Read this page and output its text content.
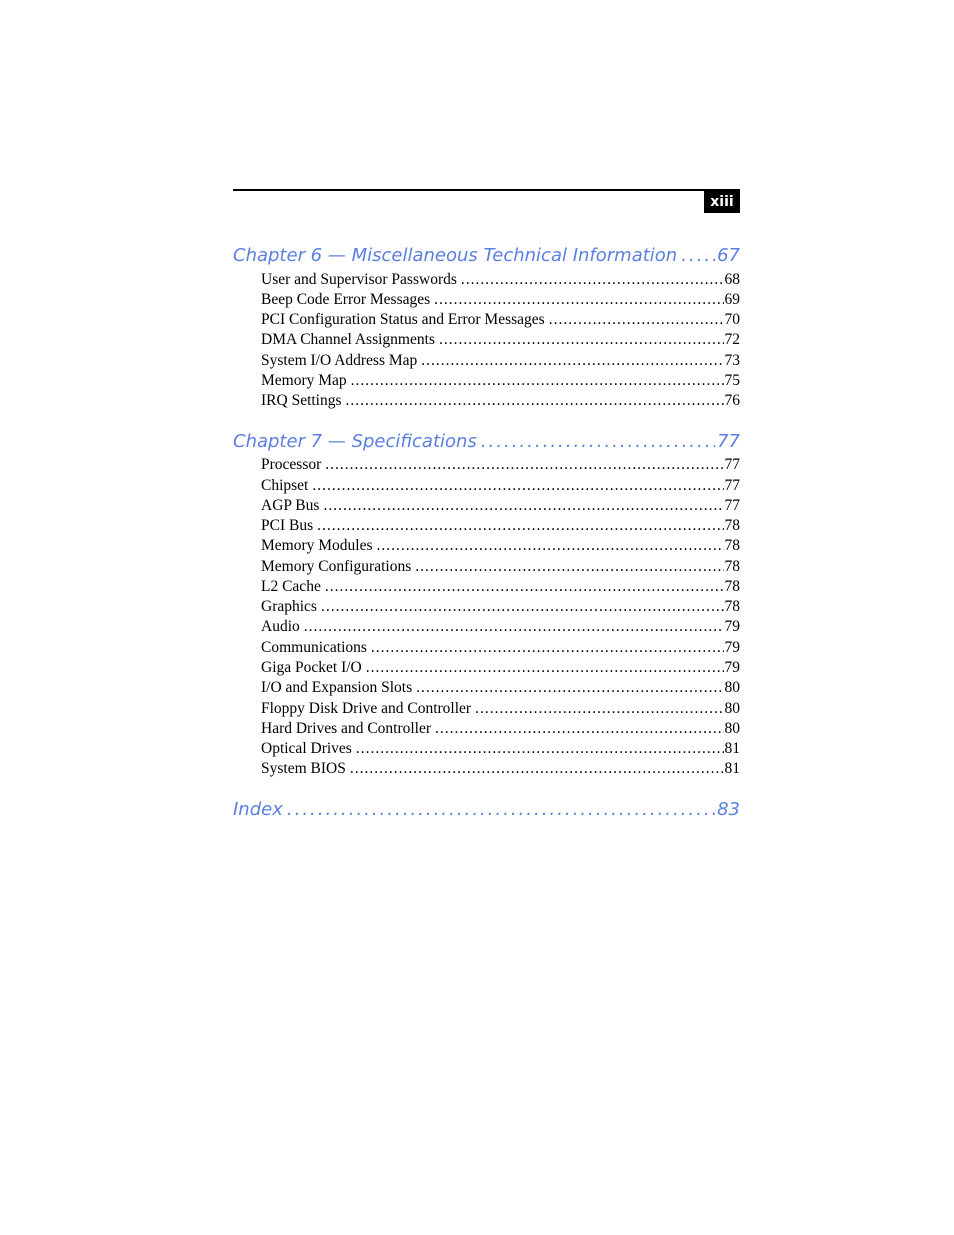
xiii
Chapter 6 — Miscellaneous Technical Information ..... 67
User and Supervisor Passwords .....	68
Beep Code Error Messages .....	69
PCI Configuration Status and Error Messages .....	70
DMA Channel Assignments .....	72
System I/O Address Map .....	73
Memory Map .....	75
IRQ Settings .....	76
Chapter 7 — Specifications .....	77
Processor .....	77
Chipset .....	77
AGP Bus .....	77
PCI Bus .....	78
Memory Modules .....	78
Memory Configurations .....	78
L2 Cache .....	78
Graphics .....	78
Audio .....	79
Communications .....	79
Giga Pocket I/O .....	79
I/O and Expansion Slots .....	80
Floppy Disk Drive and Controller .....	80
Hard Drives and Controller .....	80
Optical Drives .....	81
System BIOS .....	81
Index .....	83
